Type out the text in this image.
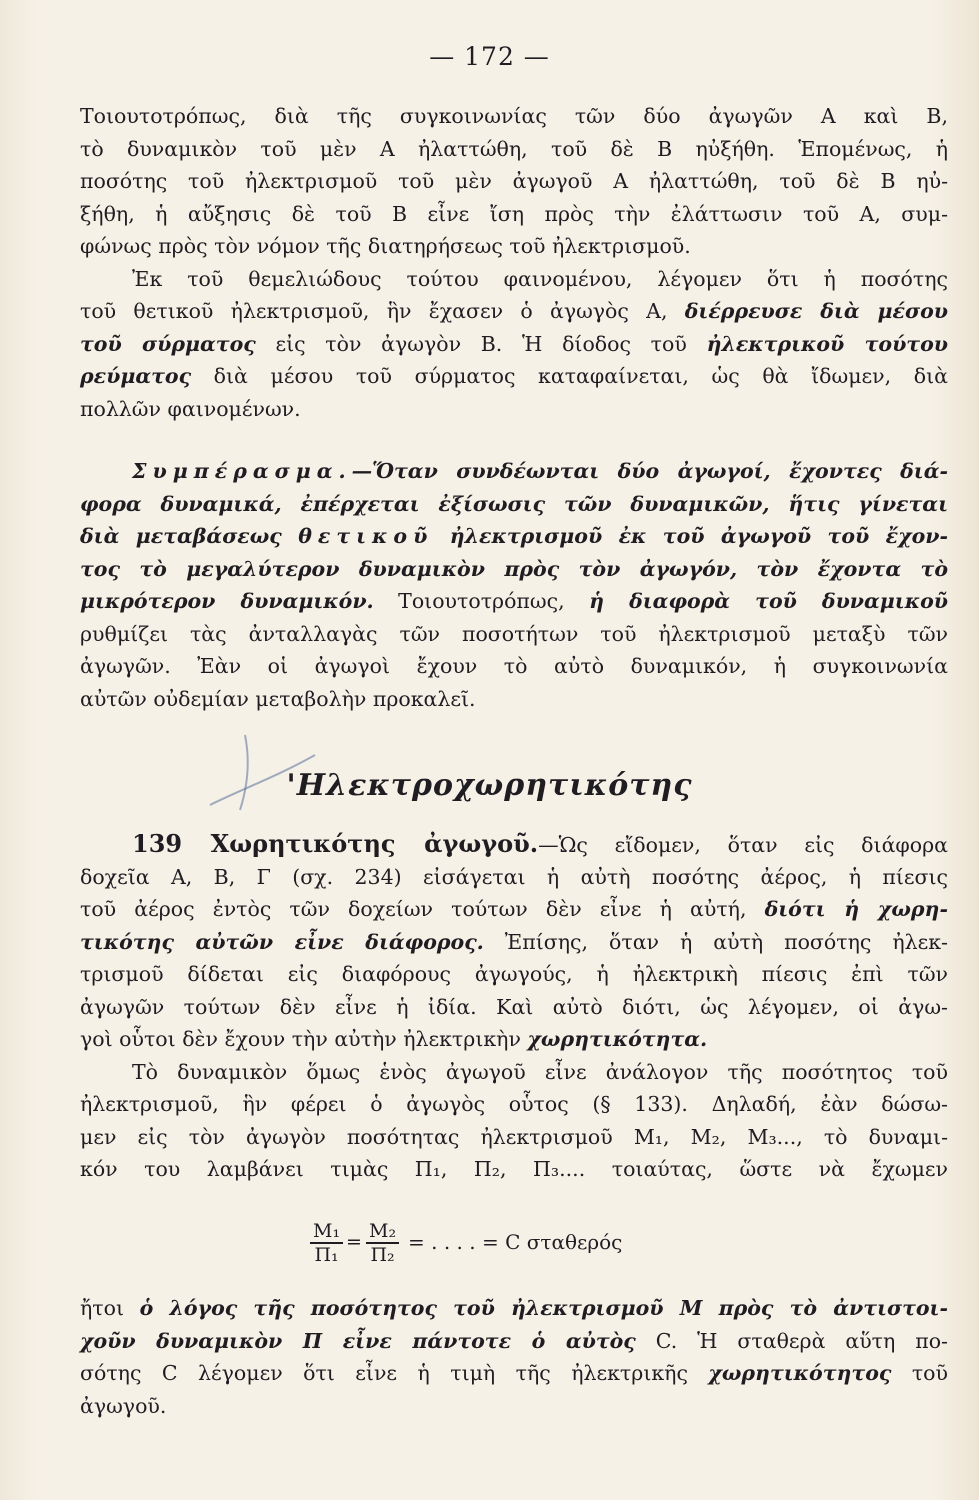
— 172 —
Τοιουτοτρόπως, διὰ τῆς συγκοινωνίας τῶν δύο ἀγωγῶν Α καὶ Β,
τὸ δυναμικὸν τοῦ μὲν Α ἠλαττώθη, τοῦ δὲ Β ηὐξήθη. Ἑπομένως, ἡ
ποσότης τοῦ ἠλεκτρισμοῦ τοῦ μὲν ἀγωγοῦ Α ἠλαττώθη, τοῦ δὲ Β ηὐ-
ξήθη, ἡ αὔξησις δὲ τοῦ Β εἶνε ἴση πρὸς τὴν ἐλάττωσιν τοῦ Α, συμ-
φώνως πρὸς τὸν νόμον τῆς διατηρήσεως τοῦ ἠλεκτρισμοῦ.
Ἐκ τοῦ θεμελιώδους τούτου φαινομένου, λέγομεν ὅτι ἡ ποσότης
τοῦ θετικοῦ ἠλεκτρισμοῦ, ἣν ἔχασεν ὁ ἀγωγὸς Α, διέρρευσε διὰ μέσου
τοῦ σύρματος εἰς τὸν ἀγωγὸν Β. Ἡ δίοδος τοῦ ἠλεκτρικοῦ τούτου
ρεύματος διὰ μέσου τοῦ σύρματος καταφαίνεται, ὡς θὰ ἴδωμεν, διὰ
πολλῶν φαινομένων.
Συμπέρασμα.—Ὅταν συνδέωνται δύο ἀγωγοί, ἔχοντες διά-
φορα δυναμικά, ἐπέρχεται ἐξίσωσις τῶν δυναμικῶν, ἥτις γίνεται
διὰ μεταβάσεως θετικοῦ ἠλεκτρισμοῦ ἐκ τοῦ ἀγωγοῦ τοῦ ἔχον-
τος τὸ μεγαλύτερον δυναμικὸν πρὸς τὸν ἀγωγόν, τὸν ἔχοντα τὸ
μικρότερον δυναμικόν. Τοιουτοτρόπως, ἡ διαφορὰ τοῦ δυναμικοῦ
ρυθμίζει τὰς ἀνταλλαγὰς τῶν ποσοτήτων τοῦ ἠλεκτρισμοῦ μεταξὺ τῶν
ἀγωγῶν. Ἐὰν οἱ ἀγωγοὶ ἔχουν τὸ αὐτὸ δυναμικόν, ἡ συγκοινωνία
αὐτῶν οὐδεμίαν μεταβολὴν προκαλεῖ.
'Ηλεκτροχωρητικότης
139 Χωρητικότης ἀγωγοῦ.—Ὡς εἴδομεν, ὅταν εἰς διάφορα
δοχεῖα Α, Β, Γ (σχ. 234) εἰσάγεται ἡ αὐτὴ ποσότης ἀέρος, ἡ πίεσις
τοῦ ἀέρος ἐντὸς τῶν δοχείων τούτων δὲν εἶνε ἡ αὐτή, διότι ἡ χωρη-
τικότης αὐτῶν εἶνε διάφορος. Ἐπίσης, ὅταν ἡ αὐτὴ ποσότης ἠλεκ-
τρισμοῦ δίδεται εἰς διαφόρους ἀγωγούς, ἡ ἠλεκτρικὴ πίεσις ἐπὶ τῶν
ἀγωγῶν τούτων δὲν εἶνε ἡ ἰδία. Καὶ αὐτὸ διότι, ὡς λέγομεν, οἱ ἀγω-
γοὶ οὗτοι δὲν ἔχουν τὴν αὐτὴν ἠλεκτρικὴν χωρητικότητα.
Τὸ δυναμικὸν ὅμως ἑνὸς ἀγωγοῦ εἶνε ἀνάλογον τῆς ποσότητος τοῦ
ἠλεκτρισμοῦ, ἣν φέρει ὁ ἀγωγὸς οὗτος (§ 133). Δηλαδή, ἐὰν δώσω-
μεν εἰς τὸν ἀγωγὸν ποσότητας ἠλεκτρισμοῦ Μ₁, Μ₂, Μ₃..., τὸ δυναμι-
κόν του λαμβάνει τιμὰς Π₁, Π₂, Π₃.... τοιαύτας, ὥστε νὰ ἔχωμεν
$\frac{\text{Μ₁}}{\text{Π₁}} = \frac{\text{Μ₂}}{\text{Π₂}}$ = . . . . = C σταθερός
ἤτοι ὁ λόγος τῆς ποσότητος τοῦ ἠλεκτρισμοῦ Μ πρὸς τὸ ἀντιστοι-
χοῦν δυναμικὸν Π εἶνε πάντοτε ὁ αὐτὸς C. Ἡ σταθερὰ αὕτη πο-
σότης C λέγομεν ὅτι εἶνε ἡ τιμὴ τῆς ἠλεκτρικῆς χωρητικότητος τοῦ
ἀγωγοῦ.
